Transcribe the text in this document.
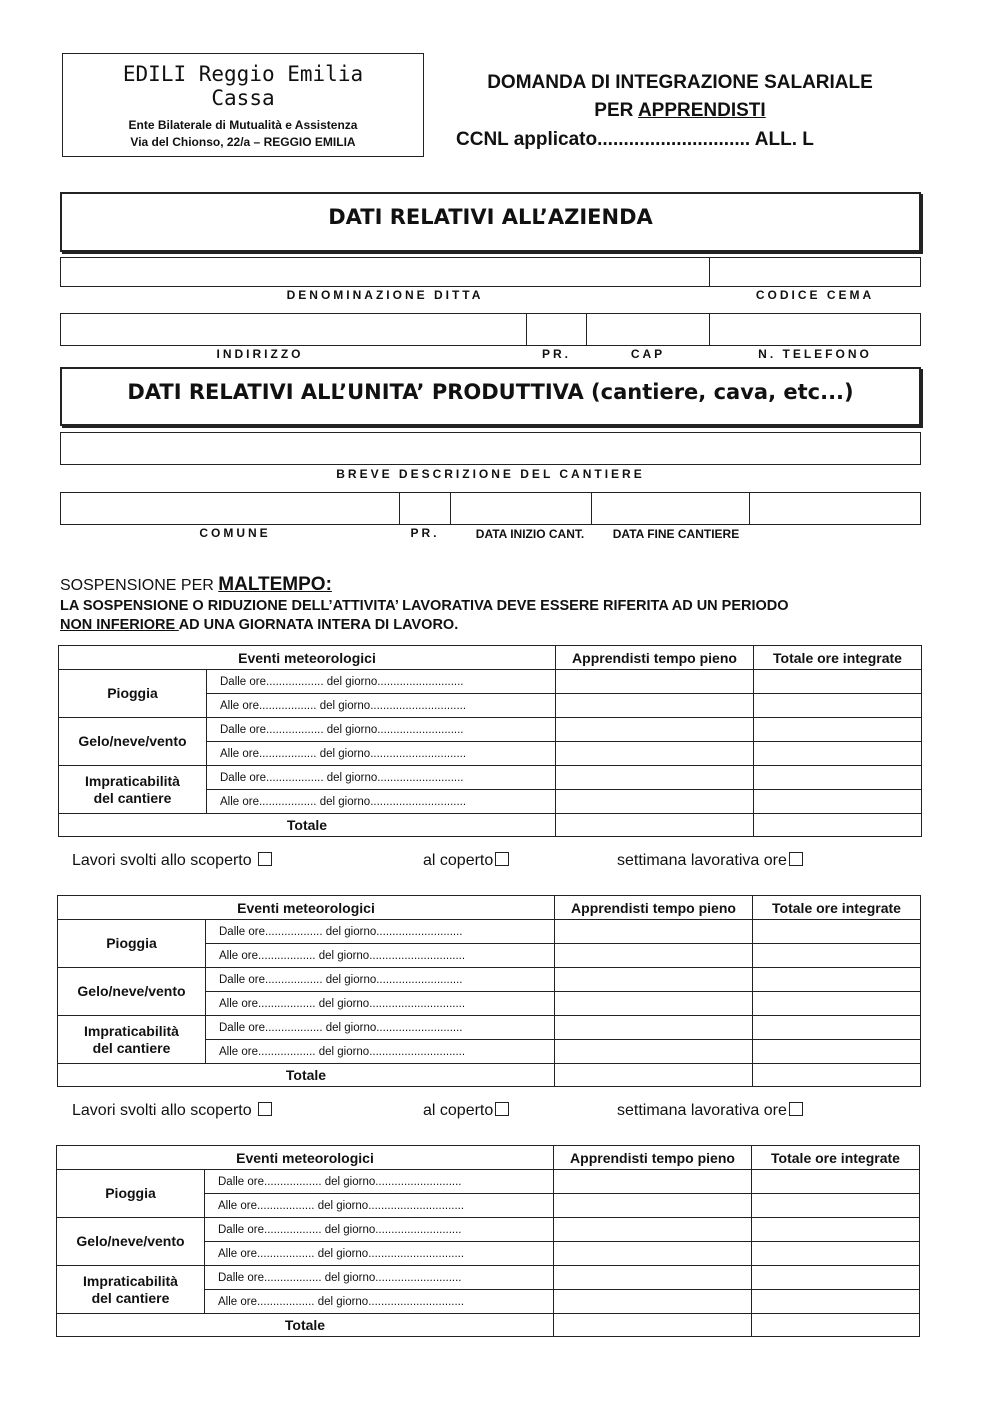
EDILI Reggio Emilia
Cassa
Ente Bilaterale di Mutualità e Assistenza
Via del Chionso, 22/a – REGGIO EMILIA
DOMANDA DI INTEGRAZIONE SALARIALE
PER APPRENDISTI
CCNL applicato............................. ALL. L
DATI RELATIVI ALL’AZIENDA
DENOMINAZIONE DITTA	CODICE CEMA
INDIRIZZO	PR.	CAP	N. TELEFONO
DATI RELATIVI ALL’UNITA’ PRODUTTIVA (cantiere, cava, etc...)
BREVE DESCRIZIONE DEL CANTIERE
COMUNE	PR.	DATA INIZIO CANT.	DATA FINE CANTIERE
SOSPENSIONE PER MALTEMPO:
LA SOSPENSIONE O RIDUZIONE DELL’ATTIVITA’ LAVORATIVA DEVE ESSERE RIFERITA AD UN PERIODO
NON INFERIORE AD UNA GIORNATA INTERA DI LAVORO.
Eventi meteorologici		Apprendisti tempo pieno	Totale ore integrate
Pioggia	Dalle ore.................. del giorno...........................		
	Alle ore.................. del giorno..............................		
Gelo/neve/vento	Dalle ore.................. del giorno...........................		
	Alle ore.................. del giorno..............................		
Impraticabilità
del cantiere	Dalle ore.................. del giorno...........................		
	Alle ore.................. del giorno..............................		
Totale			
Eventi meteorologici		Apprendisti tempo pieno	Totale ore integrate
Pioggia	Dalle ore.................. del giorno...........................		
	Alle ore.................. del giorno..............................		
Gelo/neve/vento	Dalle ore.................. del giorno...........................		
	Alle ore.................. del giorno..............................		
Impraticabilità
del cantiere	Dalle ore.................. del giorno...........................		
	Alle ore.................. del giorno..............................		
Totale			
Eventi meteorologici		Apprendisti tempo pieno	Totale ore integrate
Pioggia	Dalle ore.................. del giorno...........................		
	Alle ore.................. del giorno..............................		
Gelo/neve/vento	Dalle ore.................. del giorno...........................		
	Alle ore.................. del giorno..............................		
Impraticabilità
del cantiere	Dalle ore.................. del giorno...........................		
	Alle ore.................. del giorno..............................		
Totale			
Lavori svolti allo scoperto	al coperto	settimana lavorativa ore
Lavori svolti allo scoperto	al coperto	settimana lavorativa ore
